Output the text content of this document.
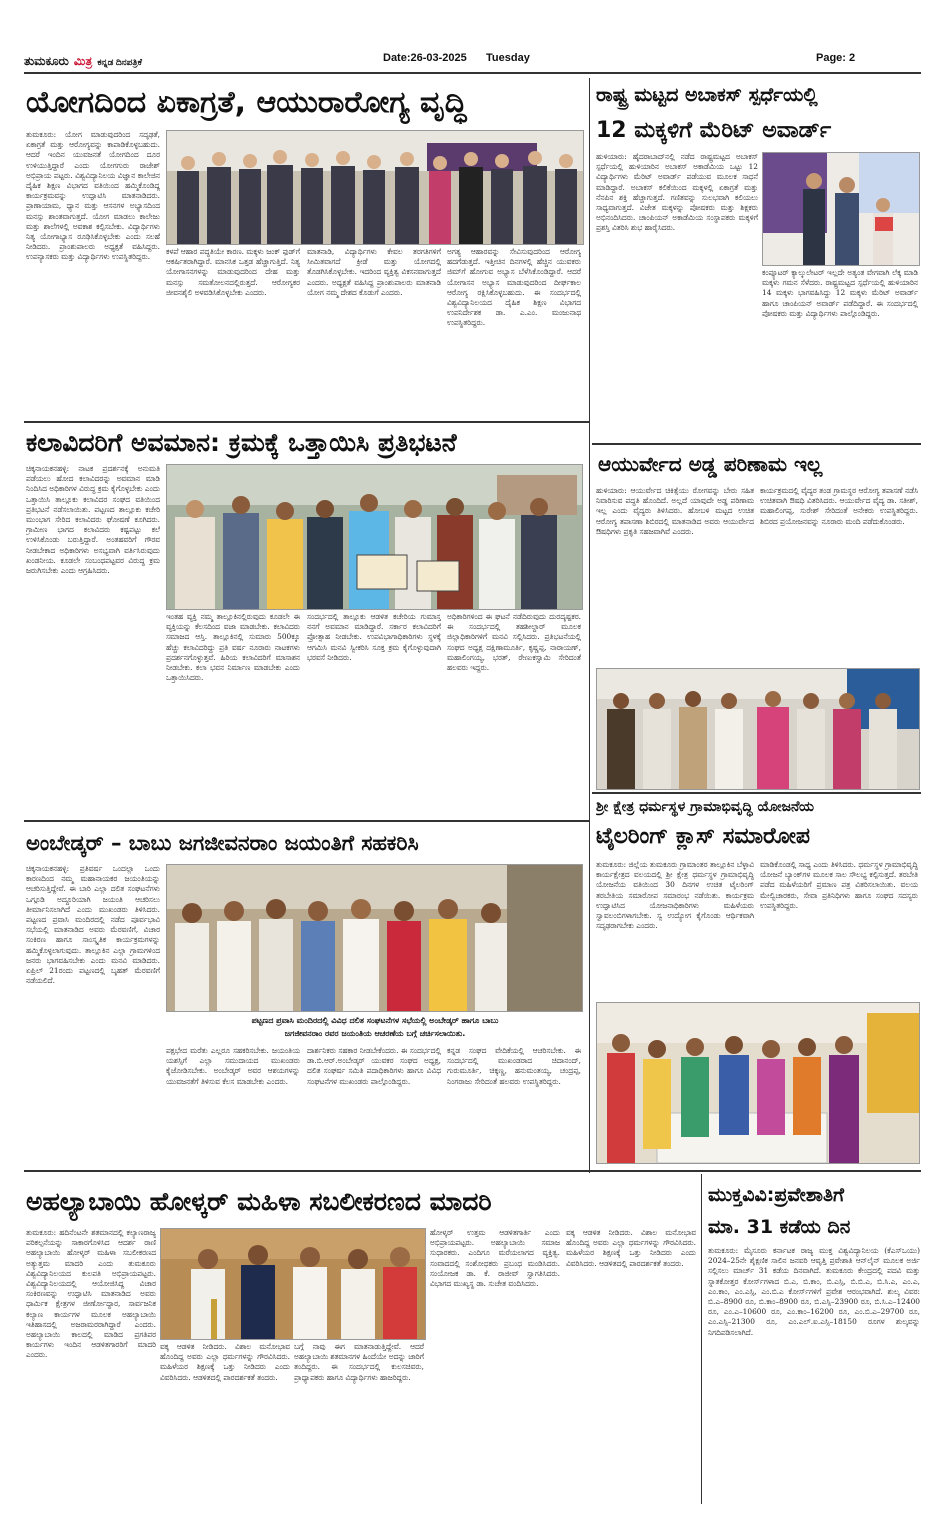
ತುಮಕೂರು ಮಿತ್ರ ಕನ್ನಡ ದಿನಪತ್ರಿಕೆ	Date:26-03-2025 Tuesday	Page: 2
ಯೋಗದಿಂದ ಏಕಾಗ್ರತೆ, ಆಯುರಾರೋಗ್ಯ ವೃದ್ಧಿ
ತುಮಕೂರು: ಯೋಗ ಮಾಡುವುದರಿಂದ ಸದೃಢತೆ, ಏಕಾಗ್ರತೆ ಮತ್ತು ಆರೋಗ್ಯವನ್ನು ಕಾಪಾಡಿಕೊಳ್ಳಬಹುದು. ಆದರೆ ಇಂದಿನ ಯುವಜನತೆ ಯೋಗದಿಂದ ದೂರ ಉಳಿಯುತ್ತಿದ್ದಾರೆ ಎಂದು ಯೋಗಗುರು ರಾಜೇಶ್ ಅಭಿಪ್ರಾಯ ಪಟ್ಟರು. ವಿಶ್ವವಿದ್ಯಾನಿಲಯ ವಿಜ್ಞಾನ ಕಾಲೇಜಿನ ದೈಹಿಕ ಶಿಕ್ಷಣ ವಿಭಾಗದ ವತಿಯಿಂದ ಹಮ್ಮಿಕೊಂಡಿದ್ದ ಕಾರ್ಯಕ್ರಮವನ್ನು ಉದ್ಘಾಟಿಸಿ ಮಾತನಾಡಿದರು. ಪ್ರಾಣಾಯಾಮ, ಧ್ಯಾನ ಮತ್ತು ಆಸನಗಳ ಅಭ್ಯಾಸದಿಂದ ಮನಸ್ಸು ಶಾಂತವಾಗುತ್ತದೆ. ಯೋಗ ಮಾಡಲು ಕಾಲೇಜು ಮತ್ತು ಶಾಲೆಗಳಲ್ಲಿ ಅವಕಾಶ ಕಲ್ಪಿಸಬೇಕು. ವಿದ್ಯಾರ್ಥಿಗಳು ನಿತ್ಯ ಯೋಗಾಭ್ಯಾಸ ರೂಢಿಸಿಕೊಳ್ಳಬೇಕು ಎಂದು ಸಲಹೆ ನೀಡಿದರು. ಪ್ರಾಂಶುಪಾಲರು ಅಧ್ಯಕ್ಷತೆ ವಹಿಸಿದ್ದರು. ಉಪನ್ಯಾಸಕರು ಮತ್ತು ವಿದ್ಯಾರ್ಥಿಗಳು ಉಪಸ್ಥಿತರಿದ್ದರು.
ಕಳಪೆ ಆಹಾರ ಪದ್ಧತಿಯೇ ಕಾರಣ. ಮಕ್ಕಳು ಜಂಕ್ ಫುಡ್‌ಗೆ ಆಕರ್ಷಿತರಾಗಿದ್ದಾರೆ. ಮಾನಸಿಕ ಒತ್ತಡ ಹೆಚ್ಚಾಗುತ್ತಿದೆ. ನಿತ್ಯ ಯೋಗಾಸನಗಳನ್ನು ಮಾಡುವುದರಿಂದ ದೇಹ ಮತ್ತು ಮನಸ್ಸು ಸಮತೋಲನದಲ್ಲಿರುತ್ತದೆ. ಆರೋಗ್ಯಕರ ಜೀವನಶೈಲಿ ಅಳವಡಿಸಿಕೊಳ್ಳಬೇಕು ಎಂದರು.
ಮಾತನಾಡಿ, ವಿದ್ಯಾರ್ಥಿಗಳು ಕೇವಲ ತರಗತಿಗಳಿಗೆ ಸೀಮಿತವಾಗದೆ ಕ್ರೀಡೆ ಮತ್ತು ಯೋಗದಲ್ಲಿ ತೊಡಗಿಸಿಕೊಳ್ಳಬೇಕು. ಇದರಿಂದ ವ್ಯಕ್ತಿತ್ವ ವಿಕಸನವಾಗುತ್ತದೆ ಎಂದರು. ಅಧ್ಯಕ್ಷತೆ ವಹಿಸಿದ್ದ ಪ್ರಾಂಶುಪಾಲರು ಮಾತನಾಡಿ ಯೋಗ ನಮ್ಮ ದೇಶದ ಕೊಡುಗೆ ಎಂದರು.
ಅಗತ್ಯ ಆಹಾರವನ್ನು ಸೇವಿಸುವುದರಿಂದ ಆರೋಗ್ಯ ಹದಗೆಡುತ್ತದೆ. ಇತ್ತೀಚಿನ ದಿನಗಳಲ್ಲಿ ಹೆಚ್ಚಿನ ಯುವಕರು ಜಿಮ್‌ಗೆ ಹೋಗುವ ಅಭ್ಯಾಸ ಬೆಳೆಸಿಕೊಂಡಿದ್ದಾರೆ. ಆದರೆ ಯೋಗಾಸನ ಅಭ್ಯಾಸ ಮಾಡುವುದರಿಂದ ದೀರ್ಘಕಾಲ ಆರೋಗ್ಯ ರಕ್ಷಿಸಿಕೊಳ್ಳಬಹುದು. ಈ ಸಂದರ್ಭದಲ್ಲಿ ವಿಶ್ವವಿದ್ಯಾನಿಲಯದ ದೈಹಿಕ ಶಿಕ್ಷಣ ವಿಭಾಗದ ಉಪನಿರ್ದೇಶಕ ಡಾ. ಎ.ಎಂ. ಮಂಜುನಾಥ ಉಪಸ್ಥಿತರಿದ್ದರು.
ರಾಷ್ಟ್ರ ಮಟ್ಟದ ಅಬಾಕಸ್ ಸ್ಪರ್ಧೆಯಲ್ಲಿ
12 ಮಕ್ಕಳಿಗೆ ಮೆರಿಟ್ ಅವಾರ್ಡ್
ಹುಳಿಯಾರು: ಹೈದರಾಬಾದ್‌ನಲ್ಲಿ ನಡೆದ ರಾಷ್ಟ್ರಮಟ್ಟದ ಅಬಾಕಸ್ ಸ್ಪರ್ಧೆಯಲ್ಲಿ ಹುಳಿಯಾರಿನ ಅಬಾಕಸ್ ಅಕಾಡೆಮಿಯ ಒಟ್ಟು 12 ವಿದ್ಯಾರ್ಥಿಗಳು ಮೆರಿಟ್ ಅವಾರ್ಡ್ ಪಡೆಯುವ ಮೂಲಕ ಸಾಧನೆ ಮಾಡಿದ್ದಾರೆ. ಅಬಾಕಸ್ ಕಲಿಕೆಯಿಂದ ಮಕ್ಕಳಲ್ಲಿ ಏಕಾಗ್ರತೆ ಮತ್ತು ನೆನಪಿನ ಶಕ್ತಿ ಹೆಚ್ಚಾಗುತ್ತದೆ. ಗಣಿತವನ್ನು ಸುಲಭವಾಗಿ ಕಲಿಯಲು ಸಾಧ್ಯವಾಗುತ್ತದೆ. ವಿಜೇತ ಮಕ್ಕಳನ್ನು ಪೋಷಕರು ಮತ್ತು ಶಿಕ್ಷಕರು ಅಭಿನಂದಿಸಿದರು. ಚಾಂಪಿಯನ್ ಅಕಾಡೆಮಿಯ ಸಂಸ್ಥಾಪಕರು ಮಕ್ಕಳಿಗೆ ಪ್ರಶಸ್ತಿ ವಿತರಿಸಿ ಶುಭ ಹಾರೈಸಿದರು.
ಕಂಪ್ಯೂಟರ್ ಕ್ಯಾಲ್ಕುಲೇಟರ್ ಇಲ್ಲದೇ ಅತ್ಯಂತ ವೇಗವಾಗಿ ಲೆಕ್ಕ ಮಾಡಿ ಮಕ್ಕಳು ಗಮನ ಸೆಳೆದರು. ರಾಷ್ಟ್ರಮಟ್ಟದ ಸ್ಪರ್ಧೆಯಲ್ಲಿ ಹುಳಿಯಾರಿನ 14 ಮಕ್ಕಳು ಭಾಗವಹಿಸಿದ್ದು 12 ಮಕ್ಕಳು ಮೆರಿಟ್ ಅವಾರ್ಡ್ ಹಾಗೂ ಚಾಂಪಿಯನ್ ಅವಾರ್ಡ್ ಪಡೆದಿದ್ದಾರೆ. ಈ ಸಂದರ್ಭದಲ್ಲಿ ಪೋಷಕರು ಮತ್ತು ವಿದ್ಯಾರ್ಥಿಗಳು ಪಾಲ್ಗೊಂಡಿದ್ದರು.
ಕಲಾವಿದರಿಗೆ ಅವಮಾನ: ಕ್ರಮಕ್ಕೆ ಒತ್ತಾಯಿಸಿ ಪ್ರತಿಭಟನೆ
ಚಿಕ್ಕನಾಯಕನಹಳ್ಳಿ: ನಾಟಕ ಪ್ರದರ್ಶನಕ್ಕೆ ಅನುಮತಿ ಪಡೆಯಲು ಹೋದ ಕಲಾವಿದರನ್ನು ಅವಮಾನ ಮಾಡಿ ನಿಂದಿಸಿದ ಅಧಿಕಾರಿಗಳ ವಿರುದ್ಧ ಕ್ರಮ ಕೈಗೊಳ್ಳಬೇಕು ಎಂದು ಒತ್ತಾಯಿಸಿ ತಾಲ್ಲೂಕು ಕಲಾವಿದರ ಸಂಘದ ವತಿಯಿಂದ ಪ್ರತಿಭಟನೆ ನಡೆಸಲಾಯಿತು. ಪಟ್ಟಣದ ತಾಲ್ಲೂಕು ಕಚೇರಿ ಮುಂಭಾಗ ಸೇರಿದ ಕಲಾವಿದರು ಘೋಷಣೆ ಕೂಗಿದರು. ಗ್ರಾಮೀಣ ಭಾಗದ ಕಲಾವಿದರು ಕಷ್ಟಪಟ್ಟು ಕಲೆ ಉಳಿಸಿಕೊಂಡು ಬರುತ್ತಿದ್ದಾರೆ. ಅಂತಹವರಿಗೆ ಗೌರವ ನೀಡಬೇಕಾದ ಅಧಿಕಾರಿಗಳು ಅಸಭ್ಯವಾಗಿ ವರ್ತಿಸಿರುವುದು ಖಂಡನೀಯ. ಕೂಡಲೇ ಸಂಬಂಧಪಟ್ಟವರ ವಿರುದ್ಧ ಕ್ರಮ ಜರುಗಿಸಬೇಕು ಎಂದು ಆಗ್ರಹಿಸಿದರು.
ಇಂತಹ ವ್ಯಕ್ತಿ ನಮ್ಮ ತಾಲ್ಲೂಕಿನಲ್ಲಿರುವುದು ಕೂಡಲೇ ಈ ವ್ಯಕ್ತಿಯನ್ನು ಕೆಲಸದಿಂದ ವಜಾ ಮಾಡಬೇಕು. ಕಲಾವಿದರು ಸಮಾಜದ ಆಸ್ತಿ. ತಾಲ್ಲೂಕಿನಲ್ಲಿ ಸುಮಾರು 500ಕ್ಕೂ ಹೆಚ್ಚು ಕಲಾವಿದರಿದ್ದು ಪ್ರತಿ ವರ್ಷ ನೂರಾರು ನಾಟಕಗಳು ಪ್ರದರ್ಶನಗೊಳ್ಳುತ್ತವೆ. ಹಿರಿಯ ಕಲಾವಿದರಿಗೆ ಮಾಸಾಶನ ನೀಡಬೇಕು. ಕಲಾ ಭವನ ನಿರ್ಮಾಣ ಮಾಡಬೇಕು ಎಂದು ಒತ್ತಾಯಿಸಿದರು.
ಸಂದರ್ಭದಲ್ಲಿ ತಾಲ್ಲೂಕು ಆಡಳಿತ ಕಚೇರಿಯ ಗುಮಾಸ್ತ ನನಗೆ ಅವಮಾನ ಮಾಡಿದ್ದಾರೆ. ಸರ್ಕಾರ ಕಲಾವಿದರಿಗೆ ಪ್ರೋತ್ಸಾಹ ನೀಡಬೇಕು. ಉಪವಿಭಾಗಾಧಿಕಾರಿಗಳು ಸ್ಥಳಕ್ಕೆ ಆಗಮಿಸಿ ಮನವಿ ಸ್ವೀಕರಿಸಿ ಸೂಕ್ತ ಕ್ರಮ ಕೈಗೊಳ್ಳುವುದಾಗಿ ಭರವಸೆ ನೀಡಿದರು.
ಅಧಿಕಾರಿಗಳಿಂದ ಈ ಘಟನೆ ನಡೆದಿರುವುದು ದುರದೃಷ್ಟಕರ. ಈ ಸಂದರ್ಭದಲ್ಲಿ ತಹಶೀಲ್ದಾರ್ ಮೂಲಕ ಜಿಲ್ಲಾಧಿಕಾರಿಗಳಿಗೆ ಮನವಿ ಸಲ್ಲಿಸಿದರು. ಪ್ರತಿಭಟನೆಯಲ್ಲಿ ಸಂಘದ ಅಧ್ಯಕ್ಷ ದಕ್ಷಿಣಾಮೂರ್ತಿ, ಕೃಷ್ಣಪ್ಪ, ನಾರಾಯಣ್, ಮಹಾಲಿಂಗಯ್ಯ, ಭರತ್, ರೇಣುಕಸ್ವಾಮಿ ಸೇರಿದಂತೆ ಹಲವರು ಇದ್ದರು.
ಆಯುರ್ವೇದ ಅಡ್ಡ ಪರಿಣಾಮ ಇಲ್ಲ
ಹುಳಿಯಾರು: ಆಯುರ್ವೇದ ಚಿಕಿತ್ಸೆಯು ರೋಗವನ್ನು ಬೇರು ಸಹಿತ ನಿವಾರಿಸುವ ಪದ್ಧತಿ ಹೊಂದಿದೆ. ಅಲ್ಲದೆ ಯಾವುದೇ ಅಡ್ಡ ಪರಿಣಾಮ ಇಲ್ಲ ಎಂದು ವೈದ್ಯರು ತಿಳಿಸಿದರು. ಹೋಬಳಿ ಮಟ್ಟದ ಉಚಿತ ಆರೋಗ್ಯ ತಪಾಸಣಾ ಶಿಬಿರದಲ್ಲಿ ಮಾತನಾಡಿದ ಅವರು ಆಯುರ್ವೇದ ಔಷಧಿಗಳು ಪ್ರಕೃತಿ ಸಹಜವಾಗಿವೆ ಎಂದರು.
ಕಾರ್ಯಕ್ರಮದಲ್ಲಿ ವೈದ್ಯರ ತಂಡ ಗ್ರಾಮಸ್ಥರ ಆರೋಗ್ಯ ತಪಾಸಣೆ ನಡೆಸಿ ಉಚಿತವಾಗಿ ಔಷಧಿ ವಿತರಿಸಿದರು. ಆಯುರ್ವೇದ ವೈದ್ಯ ಡಾ. ಸತೀಶ್, ಮಹಾಲಿಂಗಪ್ಪ, ಸುರೇಶ್ ಸೇರಿದಂತೆ ಅನೇಕರು ಉಪಸ್ಥಿತರಿದ್ದರು. ಶಿಬಿರದ ಪ್ರಯೋಜನವನ್ನು ನೂರಾರು ಮಂದಿ ಪಡೆದುಕೊಂಡರು.
ಶ್ರೀ ಕ್ಷೇತ್ರ ಧರ್ಮಸ್ಥಳ ಗ್ರಾಮಾಭಿವೃದ್ಧಿ ಯೋಜನೆಯ
ಟೈಲರಿಂಗ್ ಕ್ಲಾಸ್ ಸಮಾರೋಪ
ತುಮಕೂರು: ಜಿಲ್ಲೆಯ ತುಮಕೂರು ಗ್ರಾಮಾಂತರ ತಾಲ್ಲೂಕಿನ ಬೆಳ್ಳಾವಿ ಕಾರ್ಯಕ್ಷೇತ್ರದ ವಲಯದಲ್ಲಿ ಶ್ರೀ ಕ್ಷೇತ್ರ ಧರ್ಮಸ್ಥಳ ಗ್ರಾಮಾಭಿವೃದ್ಧಿ ಯೋಜನೆಯ ವತಿಯಿಂದ 30 ದಿನಗಳ ಉಚಿತ ಟೈಲರಿಂಗ್ ತರಬೇತಿಯ ಸಮಾರೋಪ ಸಮಾರಂಭ ನಡೆಯಿತು. ಕಾರ್ಯಕ್ರಮ ಉದ್ಘಾಟಿಸಿದ ಯೋಜನಾಧಿಕಾರಿಗಳು ಮಹಿಳೆಯರು ಸ್ವಾವಲಂಬಿಗಳಾಗಬೇಕು. ಸ್ವ ಉದ್ಯೋಗ ಕೈಗೊಂಡು ಆರ್ಥಿಕವಾಗಿ ಸದೃಢರಾಗಬೇಕು ಎಂದರು.
ಮಾಡಿಕೊಂಡಲ್ಲಿ ಸಾಧ್ಯ ಎಂದು ತಿಳಿಸಿದರು. ಧರ್ಮಸ್ಥಳ ಗ್ರಾಮಾಭಿವೃದ್ಧಿ ಯೋಜನೆ ಬ್ಯಾಂಕ್‌ಗಳ ಮೂಲಕ ಸಾಲ ಸೌಲಭ್ಯ ಕಲ್ಪಿಸುತ್ತದೆ. ತರಬೇತಿ ಪಡೆದ ಮಹಿಳೆಯರಿಗೆ ಪ್ರಮಾಣ ಪತ್ರ ವಿತರಿಸಲಾಯಿತು. ವಲಯ ಮೇಲ್ವಿಚಾರಕರು, ಸೇವಾ ಪ್ರತಿನಿಧಿಗಳು ಹಾಗೂ ಸಂಘದ ಸದಸ್ಯರು ಉಪಸ್ಥಿತರಿದ್ದರು.
ಅಂಬೇಡ್ಕರ್ – ಬಾಬು ಜಗಜೀವನರಾಂ ಜಯಂತಿಗೆ ಸಹಕರಿಸಿ
ಚಿಕ್ಕನಾಯಕನಹಳ್ಳಿ: ಪ್ರತಿವರ್ಷ ಒಂದಲ್ಲಾ ಒಂದು ಕಾರಣದಿಂದ ನಮ್ಮ ಮಹಾನಾಯಕರ ಜಯಂತಿಯನ್ನು ಆಚರಿಸುತ್ತಿದ್ದೇವೆ. ಈ ಬಾರಿ ಎಲ್ಲಾ ದಲಿತ ಸಂಘಟನೆಗಳು ಒಗ್ಗೂಡಿ ಅದ್ದೂರಿಯಾಗಿ ಜಯಂತಿ ಆಚರಿಸಲು ತೀರ್ಮಾನಿಸಲಾಗಿದೆ ಎಂದು ಮುಖಂಡರು ತಿಳಿಸಿದರು. ಪಟ್ಟಣದ ಪ್ರವಾಸಿ ಮಂದಿರದಲ್ಲಿ ನಡೆದ ಪೂರ್ವಭಾವಿ ಸಭೆಯಲ್ಲಿ ಮಾತನಾಡಿದ ಅವರು ಮೆರವಣಿಗೆ, ವಿಚಾರ ಸಂಕಿರಣ ಹಾಗೂ ಸಾಂಸ್ಕೃತಿಕ ಕಾರ್ಯಕ್ರಮಗಳನ್ನು ಹಮ್ಮಿಕೊಳ್ಳಲಾಗುವುದು. ತಾಲ್ಲೂಕಿನ ಎಲ್ಲಾ ಗ್ರಾಮಗಳಿಂದ ಜನರು ಭಾಗವಹಿಸಬೇಕು ಎಂದು ಮನವಿ ಮಾಡಿದರು. ಏಪ್ರಿಲ್ 21ರಂದು ಪಟ್ಟಣದಲ್ಲಿ ಬೃಹತ್ ಮೆರವಣಿಗೆ ನಡೆಯಲಿದೆ.
ಪಟ್ಟಣದ ಪ್ರವಾಸಿ ಮಂದಿರದಲ್ಲಿ ವಿವಿಧ ದಲಿತ ಸಂಘಟನೆಗಳ ಸಭೆಯಲ್ಲಿ ಅಂಬೇಡ್ಕರ್ ಹಾಗೂ ಬಾಬು ಜಗಜೀವನರಾಂ ರವರ ಜಯಂತಿಯ ಆಚರಣೆಯ ಬಗ್ಗೆ ಚರ್ಚಿಸಲಾಯಿತು.
ಪಕ್ಷಭೇದ ಮರೆತು ಎಲ್ಲರೂ ಸಹಕರಿಸಬೇಕು. ಜಯಂತಿಯ ಯಶಸ್ಸಿಗೆ ಎಲ್ಲಾ ಸಮುದಾಯದ ಮುಖಂಡರು ಕೈಜೋಡಿಸಬೇಕು. ಅಂಬೇಡ್ಕರ್ ಅವರ ಆಶಯಗಳನ್ನು ಯುವಜನತೆಗೆ ತಿಳಿಸುವ ಕೆಲಸ ಮಾಡಬೇಕು ಎಂದರು.
ದಾರ್ಶನಿಕರು ಸಹಕಾರ ನೀಡಬೇಕೆಂದರು. ಈ ಸಂದರ್ಭದಲ್ಲಿ ಡಾ.ಬಿ.ಆರ್.ಅಂಬೇಡ್ಕರ್ ಯುವಕರ ಸಂಘದ ಅಧ್ಯಕ್ಷ, ದಲಿತ ಸಂಘರ್ಷ ಸಮಿತಿ ಪದಾಧಿಕಾರಿಗಳು ಹಾಗೂ ವಿವಿಧ ಸಂಘಟನೆಗಳ ಮುಖಂಡರು ಪಾಲ್ಗೊಂಡಿದ್ದರು.
ಕನ್ನಡ ಸಂಘದ ವೇದಿಕೆಯಲ್ಲಿ ಆಚರಿಸಬೇಕು. ಈ ಸಂದರ್ಭದಲ್ಲಿ ಮುಖಂಡರಾದ ಚಿದಾನಂದ್, ಗುರುಮೂರ್ತಿ, ಚಿಕ್ಕಣ್ಣ, ಹನುಮಂತಯ್ಯ, ಚಂದ್ರಪ್ಪ, ನಿಂಗರಾಜು ಸೇರಿದಂತೆ ಹಲವರು ಉಪಸ್ಥಿತರಿದ್ದರು.
ಅಹಲ್ಯಾಬಾಯಿ ಹೋಳ್ಕರ್ ಮಹಿಳಾ ಸಬಲೀಕರಣದ ಮಾದರಿ
ತುಮಕೂರು: ಹದಿನೆಂಟನೇ ಶತಮಾನದಲ್ಲಿ ಕಲ್ಯಾಣರಾಜ್ಯ ಪರಿಕಲ್ಪನೆಯನ್ನು ಸಾಕಾರಗೊಳಿಸಿದ ಆದರ್ಶ ರಾಣಿ ಅಹಲ್ಯಾಬಾಯಿ ಹೋಳ್ಕರ್ ಮಹಿಳಾ ಸಬಲೀಕರಣದ ಅತ್ಯುತ್ತಮ ಮಾದರಿ ಎಂದು ತುಮಕೂರು ವಿಶ್ವವಿದ್ಯಾನಿಲಯದ ಕುಲಪತಿ ಅಭಿಪ್ರಾಯಪಟ್ಟರು. ವಿಶ್ವವಿದ್ಯಾನಿಲಯದಲ್ಲಿ ಆಯೋಜಿಸಿದ್ದ ವಿಚಾರ ಸಂಕಿರಣವನ್ನು ಉದ್ಘಾಟಿಸಿ ಮಾತನಾಡಿದ ಅವರು ಧಾರ್ಮಿಕ ಕ್ಷೇತ್ರಗಳ ಜೀರ್ಣೋದ್ಧಾರ, ಸಾರ್ವಜನಿಕ ಕಲ್ಯಾಣ ಕಾರ್ಯಗಳ ಮೂಲಕ ಅಹಲ್ಯಾಬಾಯಿ ಇತಿಹಾಸದಲ್ಲಿ ಅಜರಾಮರರಾಗಿದ್ದಾರೆ ಎಂದರು. ಅಹಲ್ಯಾಬಾಯಿ ಕಾಲದಲ್ಲಿ ಮಾಡಿದ ಪ್ರಗತಿಪರ ಕಾರ್ಯಗಳು ಇಂದಿನ ಆಡಳಿತಗಾರರಿಗೆ ಮಾದರಿ ಎಂದರು.
ವಕ್ಕ ಆಡಳಿತ ನೀಡಿದರು. ವಿಶಾಲ ಮನೋಭಾವ ಹೊಂದಿದ್ದ ಅವರು ಎಲ್ಲಾ ಧರ್ಮಗಳನ್ನು ಗೌರವಿಸಿದರು. ಮಹಿಳೆಯರ ಶಿಕ್ಷಣಕ್ಕೆ ಒತ್ತು ನೀಡಿದರು ಎಂದು ವಿವರಿಸಿದರು. ಆಡಳಿತದಲ್ಲಿ ಪಾರದರ್ಶಕತೆ ತಂದರು.
ಬಗ್ಗೆ ನಾವು ಈಗ ಮಾತನಾಡುತ್ತಿದ್ದೇವೆ. ಆದರೆ ಅಹಲ್ಯಾಬಾಯಿ ಶತಮಾನಗಳ ಹಿಂದೆಯೇ ಅದನ್ನು ಜಾರಿಗೆ ತಂದಿದ್ದರು. ಈ ಸಂದರ್ಭದಲ್ಲಿ ಕುಲಸಚಿವರು, ಪ್ರಾಧ್ಯಾಪಕರು ಹಾಗೂ ವಿದ್ಯಾರ್ಥಿಗಳು ಹಾಜರಿದ್ದರು.
ಹೋಳ್ಕರ್ ಉತ್ತಮ ಆಡಳಿತಗಾರ್ತಿ ಎಂದು ಅಭಿಪ್ರಾಯಪಟ್ಟರು. ಅಹಲ್ಯಾಬಾಯಿ ಸಮಾಜ ಸುಧಾರಕರು. ಎಂದಿಗೂ ಮರೆಯಲಾಗದ ವ್ಯಕ್ತಿತ್ವ. ಸಂವಾದದಲ್ಲಿ ಸಂಶೋಧಕರು ಪ್ರಬಂಧ ಮಂಡಿಸಿದರು. ಸಂಯೋಜಕ ಡಾ. ಕೆ. ರಾಜೀವ್ ಸ್ವಾಗತಿಸಿದರು. ವಿಭಾಗದ ಮುಖ್ಯಸ್ಥ ಡಾ. ಸುಚೇತ ವಂದಿಸಿದರು.
ವಕ್ಕ ಆಡಳಿತ ನೀಡಿದರು. ವಿಶಾಲ ಮನೋಭಾವ ಹೊಂದಿದ್ದ ಅವರು ಎಲ್ಲಾ ಧರ್ಮಗಳನ್ನು ಗೌರವಿಸಿದರು. ಮಹಿಳೆಯರ ಶಿಕ್ಷಣಕ್ಕೆ ಒತ್ತು ನೀಡಿದರು ಎಂದು ವಿವರಿಸಿದರು. ಆಡಳಿತದಲ್ಲಿ ಪಾರದರ್ಶಕತೆ ತಂದರು.
ಮುಕ್ತವಿವಿ:ಪ್ರವೇಶಾತಿಗೆ
ಮಾ. 31 ಕಡೆಯ ದಿನ
ತುಮಕೂರು: ಮೈಸೂರು ಕರ್ನಾಟಕ ರಾಜ್ಯ ಮುಕ್ತ ವಿಶ್ವವಿದ್ಯಾನಿಲಯ (ಕೆಎಸ್‌ಒಯು) 2024–25ನೇ ಶೈಕ್ಷಣಿಕ ಸಾಲಿನ ಜನವರಿ ಆವೃತ್ತಿ ಪ್ರವೇಶಾತಿ ಆನ್‌ಲೈನ್ ಮೂಲಕ ಅರ್ಜಿ ಸಲ್ಲಿಸಲು ಮಾರ್ಚ್ 31 ಕಡೆಯ ದಿನವಾಗಿದೆ. ತುಮಕೂರು ಕೇಂದ್ರದಲ್ಲಿ ಪದವಿ ಮತ್ತು ಸ್ನಾತಕೋತ್ತರ ಕೋರ್ಸ್‌ಗಳಾದ ಬಿ.ಎ, ಬಿ.ಕಾಂ, ಬಿ.ಎಸ್ಸಿ, ಬಿ.ಬಿ.ಎ, ಬಿ.ಸಿ.ಎ, ಎಂ.ಎ, ಎಂ.ಕಾಂ, ಎಂ.ಎಸ್ಸಿ, ಎಂ.ಬಿ.ಎ ಕೋರ್ಸ್‌ಗಳಿಗೆ ಪ್ರವೇಶ ಆರಂಭವಾಗಿದೆ. ಶುಲ್ಕ ವಿವರ: ಬಿ.ಎ–8900 ರೂ, ಬಿ.ಕಾಂ–8900 ರೂ, ಬಿ.ಎಸ್ಸಿ–23900 ರೂ, ಬಿ.ಸಿ.ಎ–12400 ರೂ, ಎಂ.ಎ–10600 ರೂ, ಎಂ.ಕಾಂ–16200 ರೂ, ಎಂ.ಬಿ.ಎ–29700 ರೂ, ಎಂ.ಎಸ್ಸಿ–21300 ರೂ, ಎಂ.ಎಲ್.ಐ.ಎಸ್ಸಿ–18150 ರೂಗಳ ಶುಲ್ಕವನ್ನು ನಿಗದಿಪಡಿಸಲಾಗಿದೆ.
